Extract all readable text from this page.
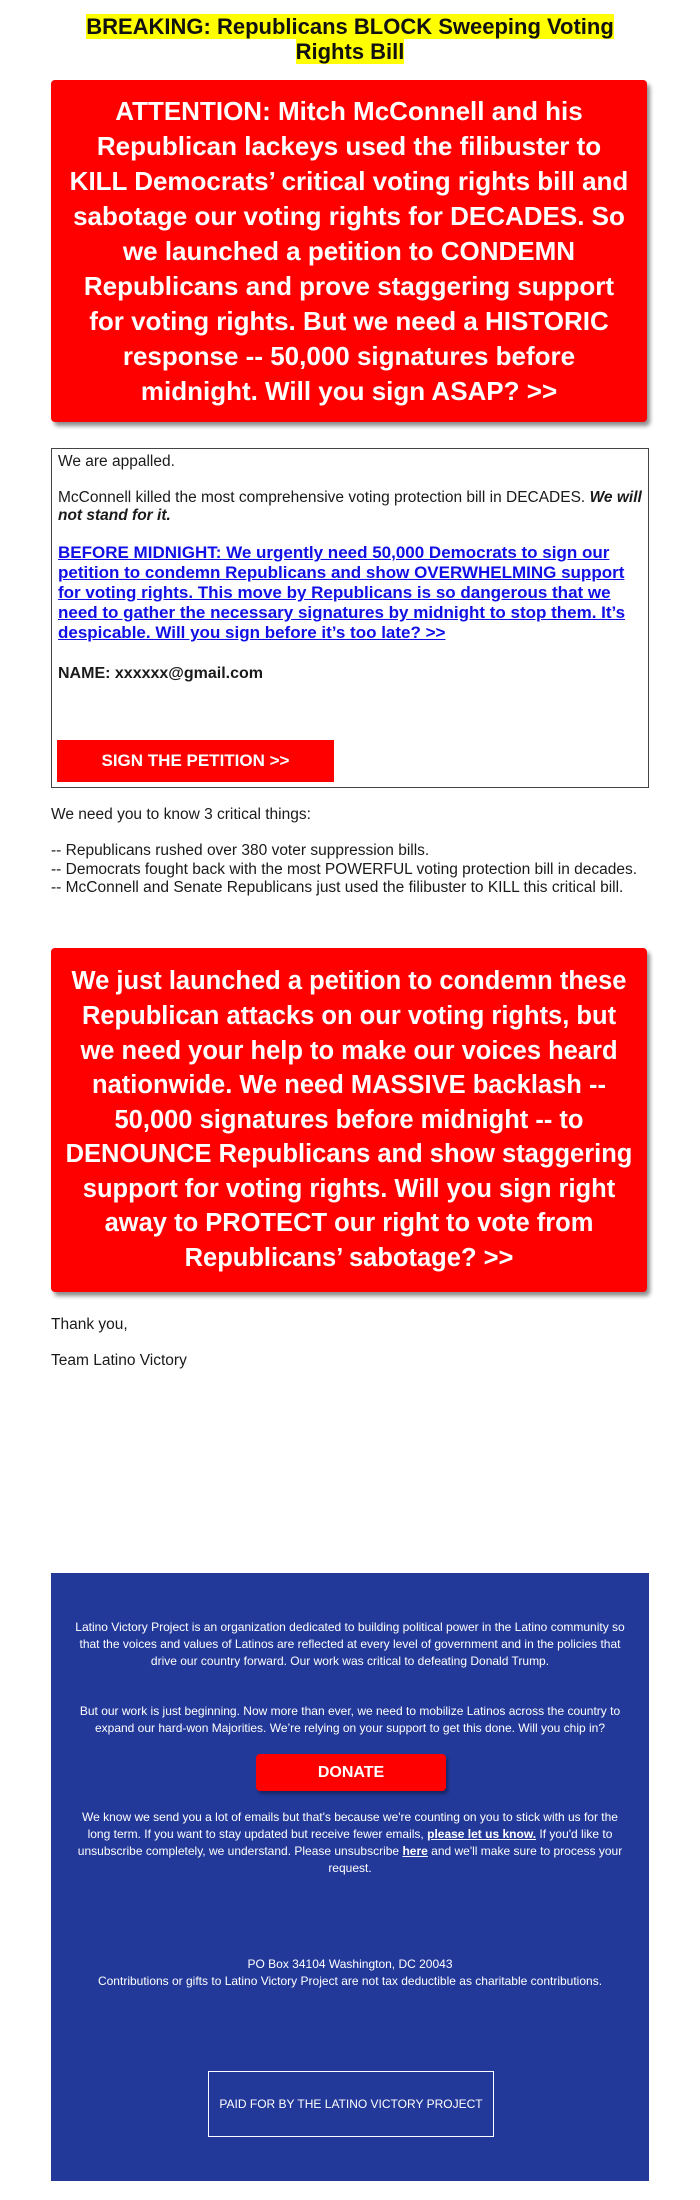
BREAKING: Republicans BLOCK Sweeping Voting Rights Bill
ATTENTION: Mitch McConnell and his Republican lackeys used the filibuster to KILL Democrats’ critical voting rights bill and sabotage our voting rights for DECADES. So we launched a petition to CONDEMN Republicans and prove staggering support for voting rights. But we need a HISTORIC response -- 50,000 signatures before midnight. Will you sign ASAP? >>

We are appalled.

McConnell killed the most comprehensive voting protection bill in DECADES. We will not stand for it.

BEFORE MIDNIGHT: We urgently need 50,000 Democrats to sign our petition to condemn Republicans and show OVERWHELMING support for voting rights. This move by Republicans is so dangerous that we need to gather the necessary signatures by midnight to stop them. It’s despicable. Will you sign before it’s too late? >>

NAME: xxxxxx@gmail.com

SIGN THE PETITION >>

We need you to know 3 critical things:

-- Republicans rushed over 380 voter suppression bills.

-- Democrats fought back with the most POWERFUL voting protection bill in decades.

-- McConnell and Senate Republicans just used the filibuster to KILL this critical bill.

We just launched a petition to condemn these Republican attacks on our voting rights, but we need your help to make our voices heard nationwide. We need MASSIVE backlash -- 50,000 signatures before midnight -- to DENOUNCE Republicans and show staggering support for voting rights. Will you sign right away to PROTECT our right to vote from Republicans’ sabotage? >>

Thank you,

Team Latino Victory

Latino Victory Project is an organization dedicated to building political power in the Latino community so that the voices and values of Latinos are reflected at every level of government and in the policies that drive our country forward. Our work was critical to defeating Donald Trump.

But our work is just beginning. Now more than ever, we need to mobilize Latinos across the country to expand our hard-won Majorities. We’re relying on your support to get this done. Will you chip in?

DONATE

We know we send you a lot of emails but that's because we're counting on you to stick with us for the long term. If you want to stay updated but receive fewer emails, please let us know. If you'd like to unsubscribe completely, we understand. Please unsubscribe here and we'll make sure to process your request.

PO Box 34104 Washington, DC 20043

Contributions or gifts to Latino Victory Project are not tax deductible as charitable contributions.

PAID FOR BY THE LATINO VICTORY PROJECT
